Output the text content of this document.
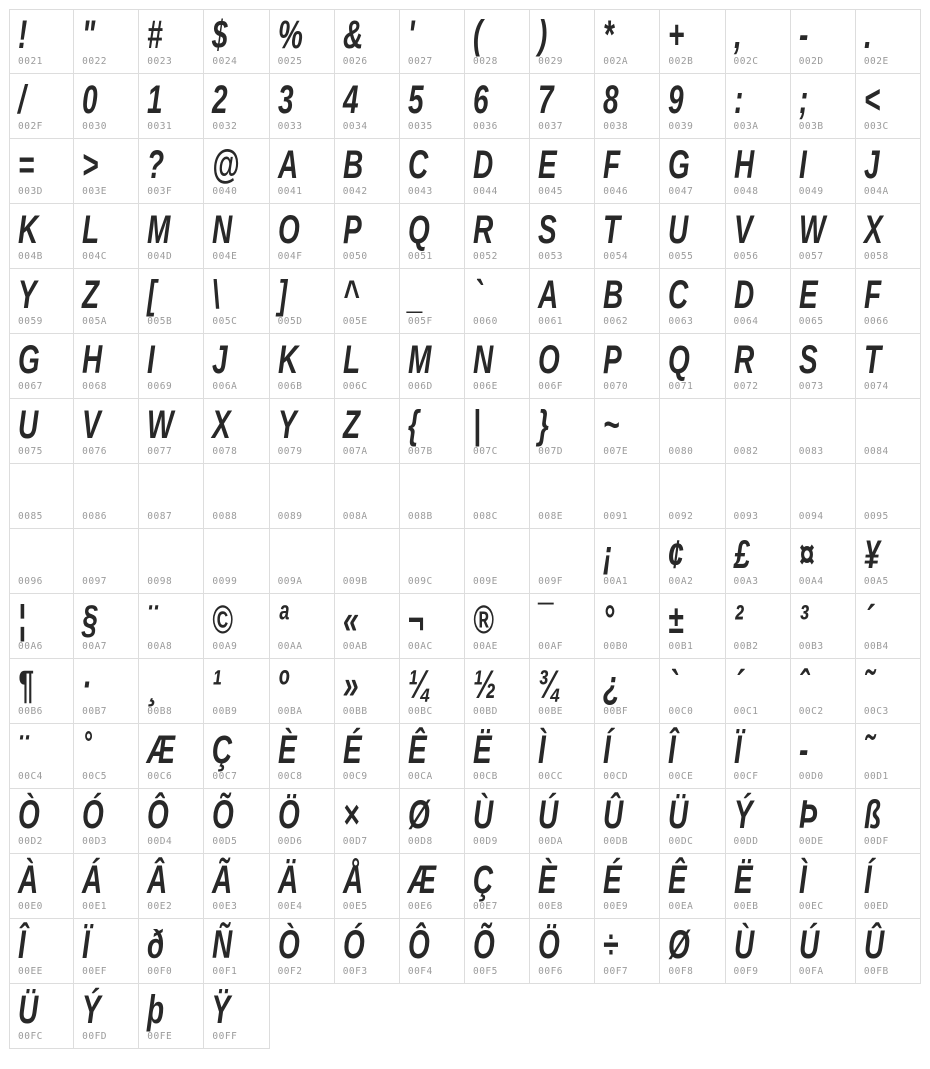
!
0021
"
0022
#
0023
$
0024
%
0025
&
0026
'
0027
(
0028
)
0029
*
002A
+
002B
,
002C
-
002D
.
002E
/
002F
0
0030
1
0031
2
0032
3
0033
4
0034
5
0035
6
0036
7
0037
8
0038
9
0039
:
003A
;
003B
<
003C
=
003D
>
003E
?
003F
@
0040
A
0041
B
0042
C
0043
D
0044
E
0045
F
0046
G
0047
H
0048
I
0049
J
004A
K
004B
L
004C
M
004D
N
004E
O
004F
P
0050
Q
0051
R
0052
S
0053
T
0054
U
0055
V
0056
W
0057
X
0058
Y
0059
Z
005A
[
005B
\
005C
]
005D
^
005E
_
005F
`
0060
A
0061
B
0062
C
0063
D
0064
E
0065
F
0066
G
0067
H
0068
I
0069
J
006A
K
006B
L
006C
M
006D
N
006E
O
006F
P
0070
Q
0071
R
0072
S
0073
T
0074
U
0075
V
0076
W
0077
X
0078
Y
0079
Z
007A
{
007B
|
007C
}
007D
~
007E	0080	0082	0083	0084
0085	0086	0087	0088	0089	008A	008B	008C	008E	0091	0092	0093	0094	0095
0096	0097	0098	0099	009A	009B	009C	009E	009F
¡
00A1
¢
00A2
£
00A3
¤
00A4
¥
00A5
¦
00A6
§
00A7
¨
00A8
©
00A9
ª
00AA
«
00AB
¬
00AC
®
00AE
¯
00AF
°
00B0
±
00B1
²
00B2
³
00B3
´
00B4
¶
00B6
·
00B7
¸
00B8
¹
00B9
º
00BA
»
00BB
¼
00BC
½
00BD
¾
00BE
¿
00BF
`
00C0
´
00C1
ˆ
00C2
˜
00C3
¨
00C4
˚
00C5
Æ
00C6
Ç
00C7
È
00C8
É
00C9
Ê
00CA
Ë
00CB
Ì
00CC
Í
00CD
Î
00CE
Ï
00CF
-
00D0
˜
00D1
Ò
00D2
Ó
00D3
Ô
00D4
Õ
00D5
Ö
00D6
×
00D7
Ø
00D8
Ù
00D9
Ú
00DA
Û
00DB
Ü
00DC
Ý
00DD
Þ
00DE
ß
00DF
À
00E0
Á
00E1
Â
00E2
Ã
00E3
Ä
00E4
Å
00E5
Æ
00E6
Ç
00E7
È
00E8
É
00E9
Ê
00EA
Ë
00EB
Ì
00EC
Í
00ED
Î
00EE
Ï
00EF
ð
00F0
Ñ
00F1
Ò
00F2
Ó
00F3
Ô
00F4
Õ
00F5
Ö
00F6
÷
00F7
Ø
00F8
Ù
00F9
Ú
00FA
Û
00FB
Ü
00FC
Ý
00FD
þ
00FE
Ÿ
00FF
